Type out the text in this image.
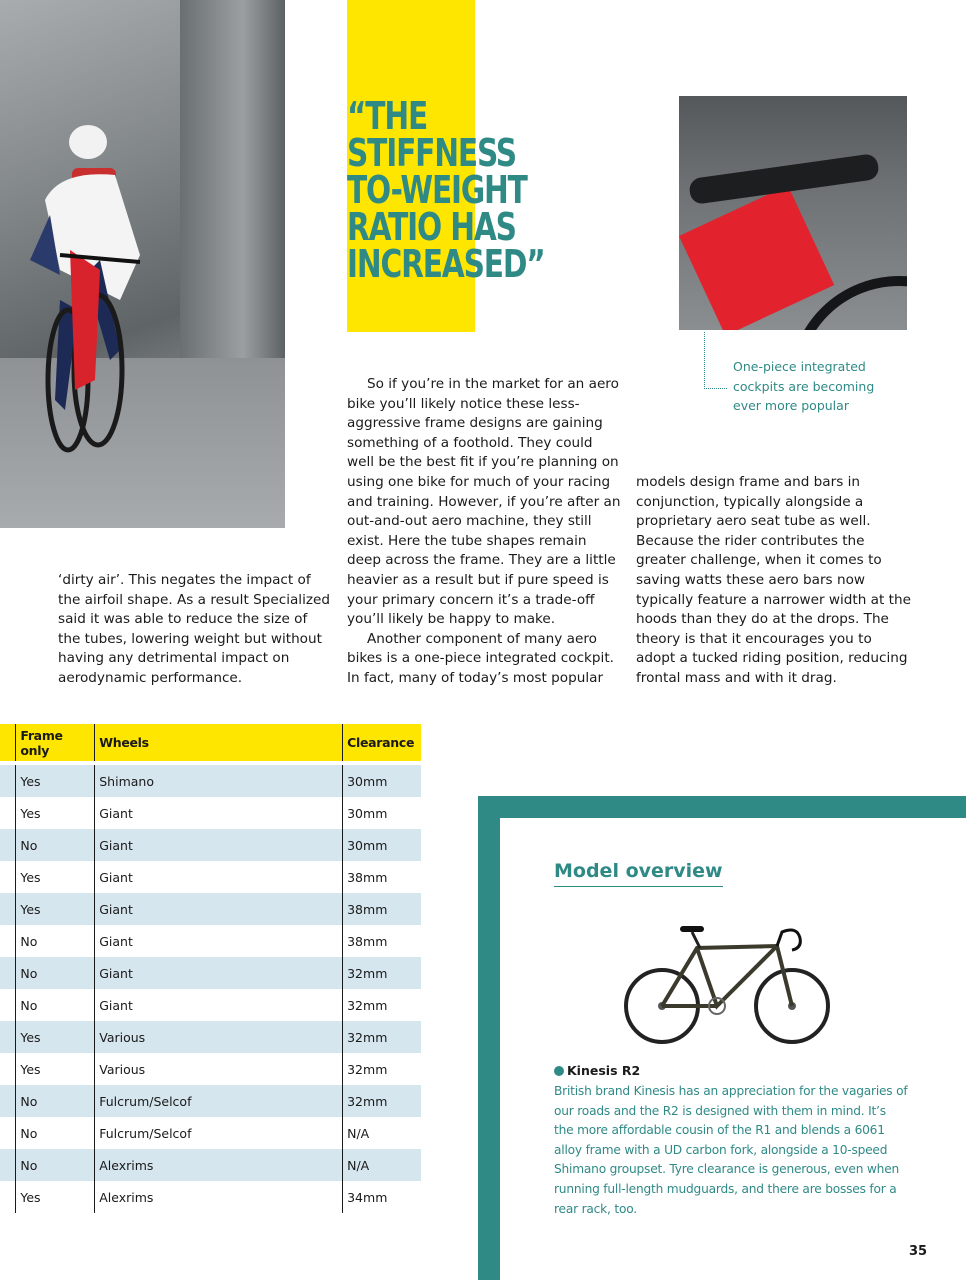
“THE STIFFNESS
TO-WEIGHT
RATIO HAS
INCREASED”
One-piece integrated cockpits are becoming ever more popular

‘dirty air’. This negates the impact of the airfoil shape. As a result Specialized said it was able to reduce the size of the tubes, lowering weight but without having any detrimental impact on aerodynamic performance.

So if you’re in the market for an aero bike you’ll likely notice these less-aggressive frame designs are gaining something of a foothold. They could well be the best fit if you’re planning on using one bike for much of your racing and training. However, if you’re after an out-and-out aero machine, they still exist. Here the tube shapes remain deep across the frame. They are a little heavier as a result but if pure speed is your primary concern it’s a trade-off you’ll likely be happy to make.

Another component of many aero bikes is a one-piece integrated cockpit. In fact, many of today’s most popular

models design frame and bars in conjunction, typically alongside a proprietary aero seat tube as well. Because the rider contributes the greater challenge, when it comes to saving watts these aero bars now typically feature a narrower width at the hoods than they do at the drops. The theory is that it encourages you to adopt a tucked riding position, reducing frontal mass and with it drag.

	Frame only	Wheels	Clearance

	Yes	Shimano	30mm
	Yes	Giant	30mm
	No	Giant	30mm
	Yes	Giant	38mm
	Yes	Giant	38mm
	No	Giant	38mm
	No	Giant	32mm
	No	Giant	32mm
	Yes	Various	32mm
	Yes	Various	32mm
	No	Fulcrum/Selcof	32mm
	No	Fulcrum/Selcof	N/A
	No	Alexrims	N/A
	Yes	Alexrims	34mm
Model overview
Kinesis R2
British brand Kinesis has an appreciation for the vagaries of our roads and the R2 is designed with them in mind. It’s the more affordable cousin of the R1 and blends a 6061 alloy frame with a UD carbon fork, alongside a 10-speed Shimano groupset. Tyre clearance is generous, even when running full-length mudguards, and there are bosses for a rear rack, too.
35
